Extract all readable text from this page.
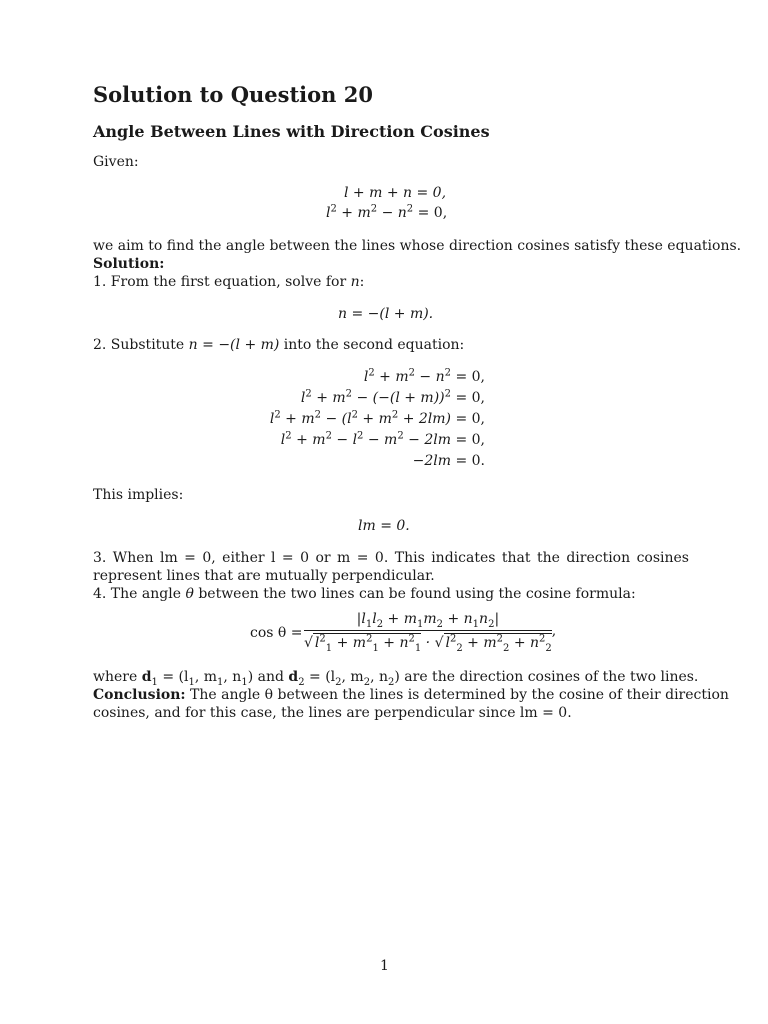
Solution to Question 20
Angle Between Lines with Direction Cosines
Given:
l + m + n = 0,
$l^2 + m^2 - n^2 = 0$,
we aim to find the angle between the lines whose direction cosines satisfy these equations.
Solution:
1. From the first equation, solve for n:
n = −(l + m).
2. Substitute n = −(l + m) into the second equation:
$l^2 + m^2 - n^2 = 0$,
$l^2 + m^2 - (-(l + m))^2 = 0$,
$l^2 + m^2 - (l^2 + m^2 + 2lm) = 0$,
$l^2 + m^2 - l^2 - m^2 - 2lm = 0$,
−2lm = 0.
This implies:
lm = 0.
3. When lm = 0, either l = 0 or m = 0. This indicates that the direction cosines
represent lines that are mutually perpendicular.
4. The angle θ between the two lines can be found using the cosine formula:
$\cos \theta = \frac{|l_1l_2 + m_1m_2 + n_1n_2|}{√ l^2_1 + m^2_1 + n^2_1 \cdot √ l^2_2 + m^2_2 + n^2_2}$ ,
where $d_1 = (l_1$, $m_1$, $n_1$) and $d_2 = (l_2$, $m_2$, $n_2$) are the direction cosines of the two lines.
Conclusion: The angle θ between the lines is determined by the cosine of their direction
cosines, and for this case, the lines are perpendicular since lm = 0.
1
